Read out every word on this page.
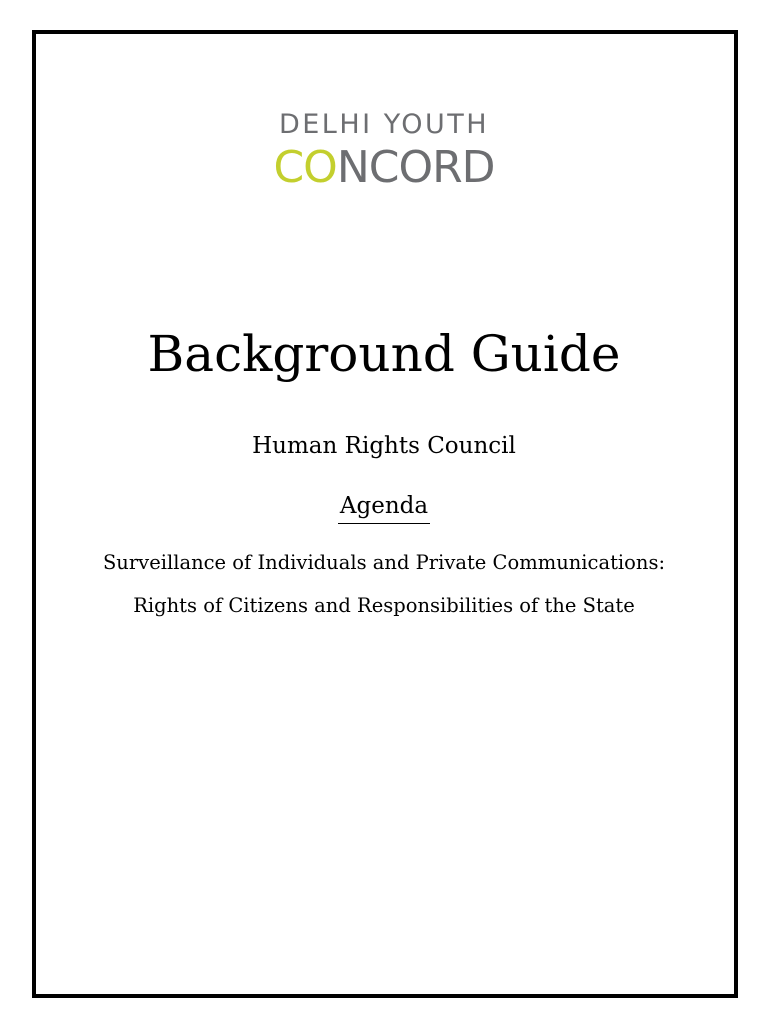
DELHI YOUTH
CONCORD
Background Guide
Human Rights Council
Agenda
Surveillance of Individuals and Private Communications:
Rights of Citizens and Responsibilities of the State
